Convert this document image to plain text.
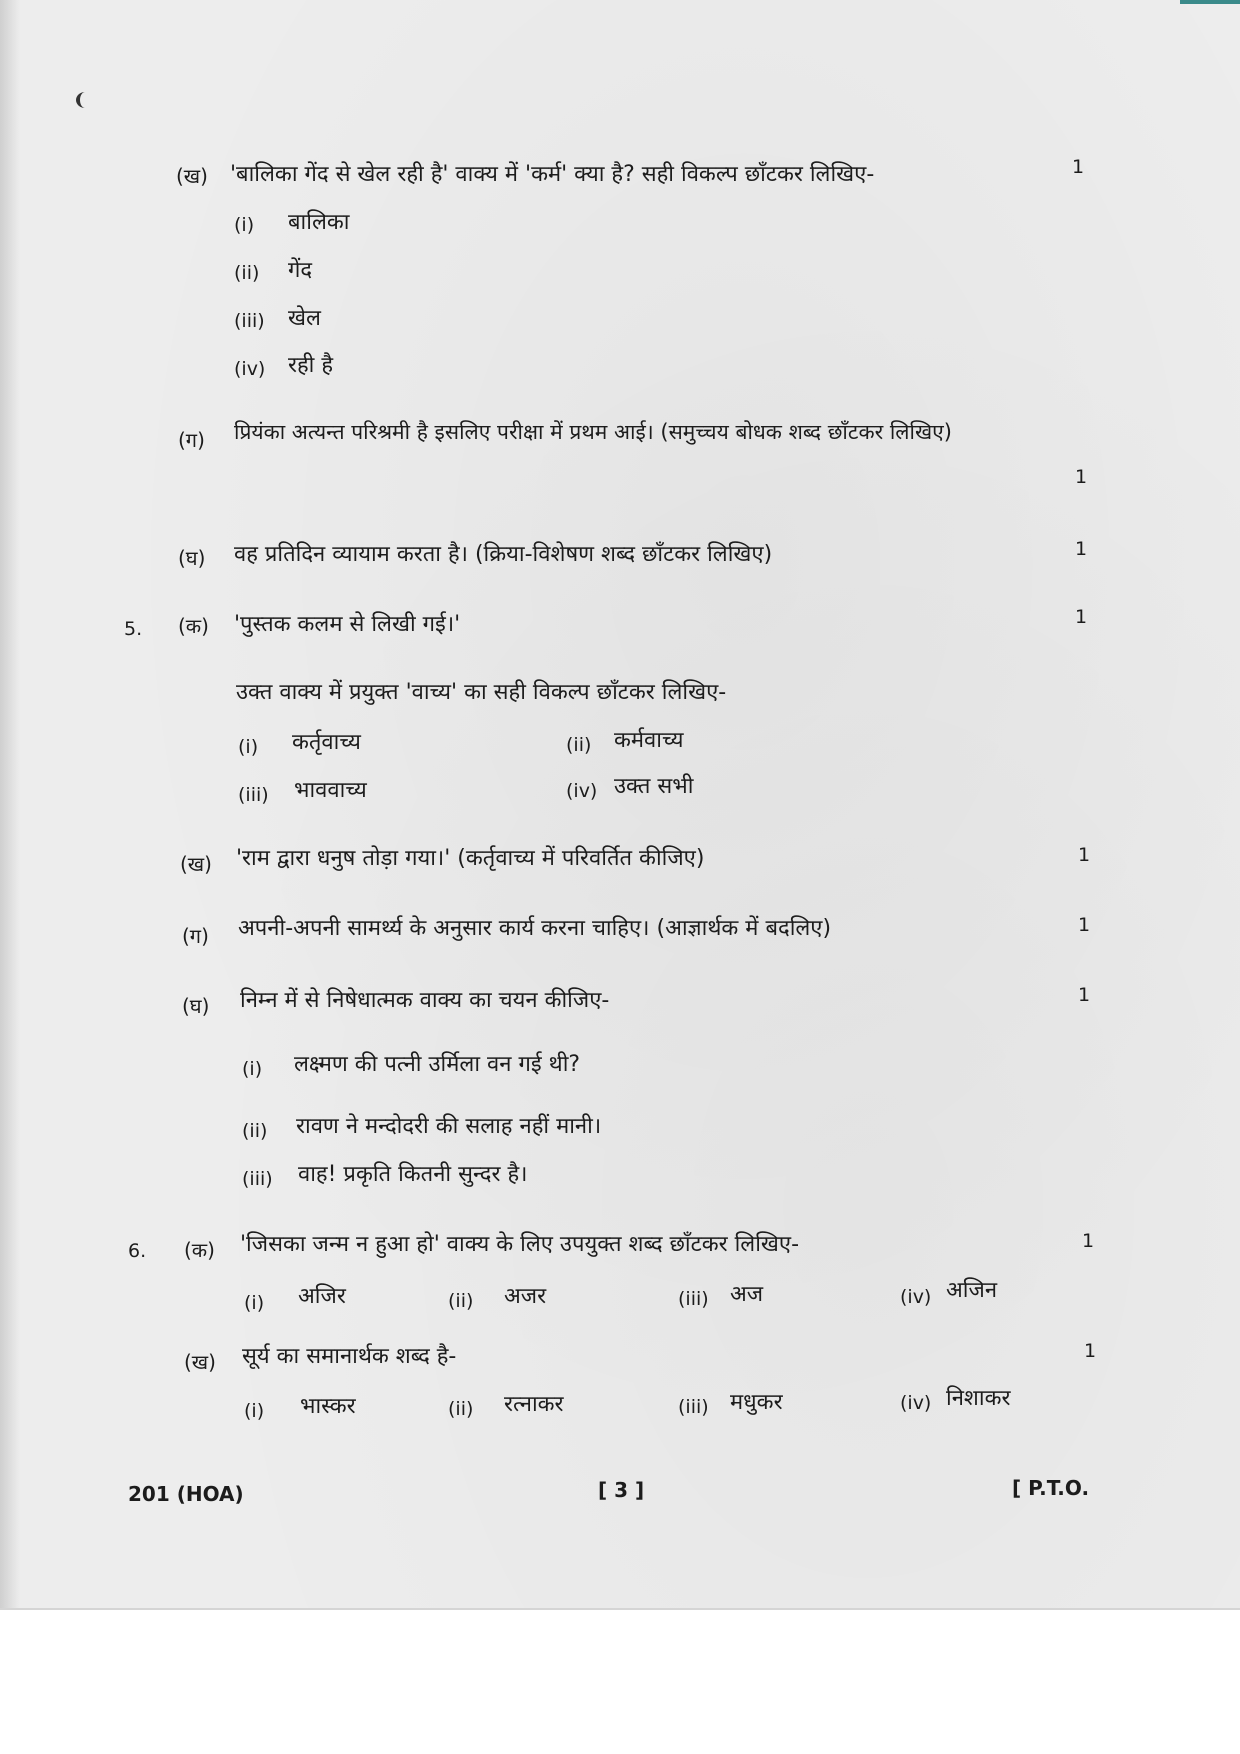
(ख) 'बालिका गेंद से खेल रही है' वाक्य में 'कर्म' क्या है? सही विकल्प छाँटकर लिखिए-	1
(i) बालिका
(ii) गेंद
(iii) खेल
(iv) रही है
(ग) प्रियंका अत्यन्त परिश्रमी है इसलिए परीक्षा में प्रथम आई। (समुच्चय बोधक शब्द छाँटकर लिखिए)
1
(घ) वह प्रतिदिन व्यायाम करता है। (क्रिया-विशेषण शब्द छाँटकर लिखिए)	1
5. (क) 'पुस्तक कलम से लिखी गई।'	1
उक्त वाक्य में प्रयुक्त 'वाच्य' का सही विकल्प छाँटकर लिखिए-
(i) कर्तृवाच्य	(ii) कर्मवाच्य
(iii) भाववाच्य	(iv) उक्त सभी
(ख) 'राम द्वारा धनुष तोड़ा गया।' (कर्तृवाच्य में परिवर्तित कीजिए)	1
(ग) अपनी-अपनी सामर्थ्य के अनुसार कार्य करना चाहिए। (आज्ञार्थक में बदलिए)	1
(घ) निम्न में से निषेधात्मक वाक्य का चयन कीजिए-	1
(i) लक्ष्मण की पत्नी उर्मिला वन गई थी?
(ii) रावण ने मन्दोदरी की सलाह नहीं मानी।
(iii) वाह! प्रकृति कितनी सुन्दर है।
6. (क) 'जिसका जन्म न हुआ हो' वाक्य के लिए उपयुक्त शब्द छाँटकर लिखिए-	1
(i) अजिर	(ii) अजर	(iii) अज	(iv) अजिन
(ख) सूर्य का समानार्थक शब्द है-	1
(i) भास्कर	(ii) रत्नाकर	(iii) मधुकर	(iv) निशाकर
201 (HOA)	[ 3 ]	[ P.T.O.
